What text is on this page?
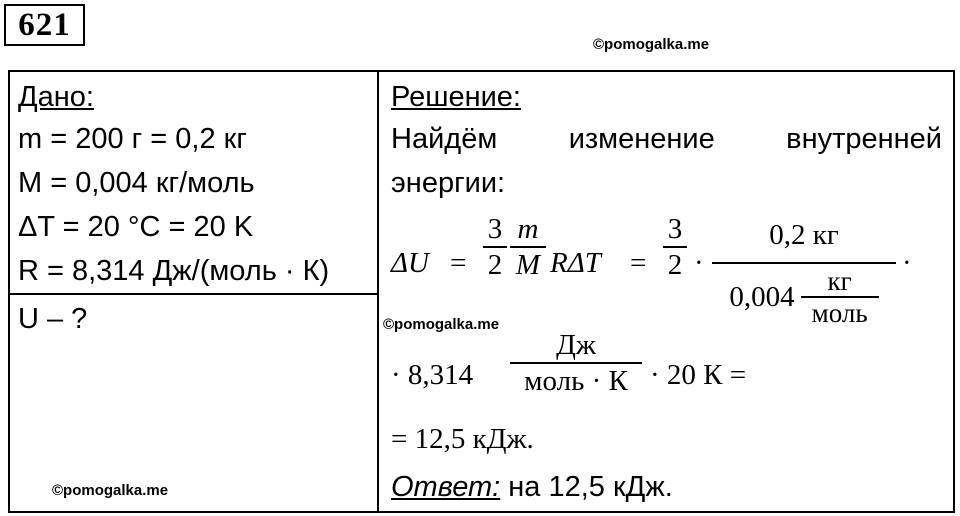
621
©pomogalka.me
Дано:
m = 200 г = 0,2 кг
M = 0,004 кг/моль
ΔT = 20 °C = 20 K
R = 8,314 Дж/(моль · К)
U – ?
Решение:
Найдём изменение внутренней
энергии:
ΔU =
3
2
m
M RΔT =
3
2 ·
0,2 кг
0,004 кг
моль
·
©pomogalka.me
· 8,314
Дж
моль · К · 20 К =
= 12,5 кДж.
Ответ: на 12,5 кДж.
©pomogalka.me
